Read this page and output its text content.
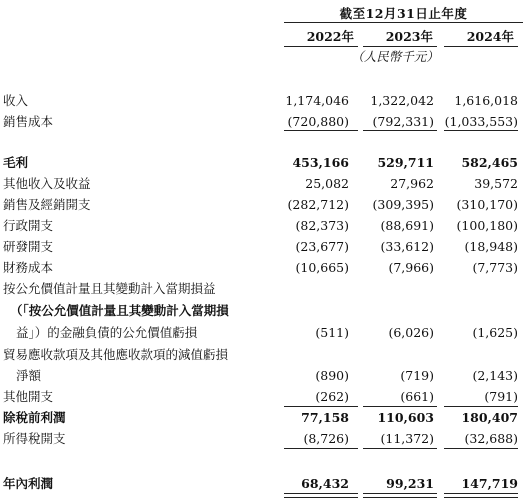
截至12月31日止年度
2022年	2023年	2024年
（人民幣千元）
收入	1,174,046	1,322,042	1,616,018
銷售成本	(720,880)	(792,331) (1,033,553)
毛利	453,166	529,711	582,465
其他收入及收益	25,082	27,962	39,572
銷售及經銷開支	(282,712)	(309,395)	(310,170)
行政開支	(82,373)	(88,691)	(100,180)
研發開支	(23,677)	(33,612)	(18,948)
財務成本	(10,665)	(7,966)	(7,773)
按公允價值計量且其變動計入當期損益
（「按公允價值計量且其變動計入當期損
益」）的金融負債的公允價值虧損	(511)	(6,026)	(1,625)
貿易應收款項及其他應收款項的減值虧損
淨額	(890)	(719)	(2,143)
其他開支	(262)	(661)	(791)
除稅前利潤	77,158	110,603	180,407
所得稅開支	(8,726)	(11,372)	(32,688)
年內利潤	68,432	99,231	147,719
